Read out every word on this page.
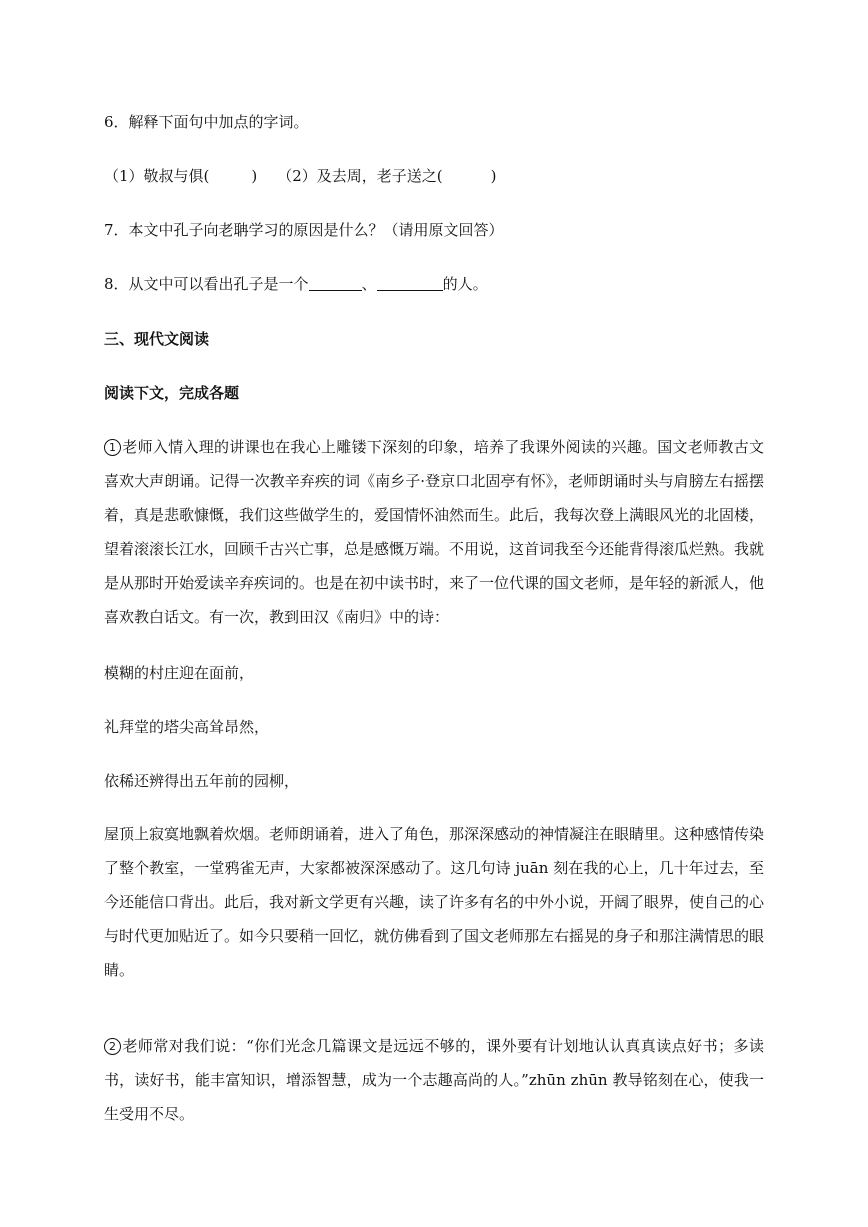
6．解释下面句中加点的字词。
（1）敬叔与俱(	) （2）及去周，老子送之(	)
7．本文中孔子向老聃学习的原因是什么？（请用原文回答）
8．从文中可以看出孔子是一个	、	的人。
三、现代文阅读
阅读下文，完成各题
1 老师入情入理的讲课也在我心上雕镂下深刻的印象，培养了我课外阅读的兴趣。国文老师教古文喜欢大声朗诵。记得一次教辛弃疾的词《南乡子·登京口北固亭有怀》，老师朗诵时头与肩膀左右摇摆着，真是悲歌慷慨，我们这些做学生的，爱国情怀油然而生。此后，我每次登上满眼风光的北固楼，望着滚滚长江水，回顾千古兴亡事，总是感慨万端。不用说，这首词我至今还能背得滚瓜烂熟。我就是从那时开始爱读辛弃疾词的。也是在初中读书时，来了一位代课的国文老师，是年轻的新派人，他喜欢教白话文。有一次，教到田汉《南归》中的诗：
模糊的村庄迎在面前，
礼拜堂的塔尖高耸昂然，
依稀还辨得出五年前的园柳，
屋顶上寂寞地飘着炊烟。老师朗诵着，进入了角色，那深深感动的神情凝注在眼睛里。这种感情传染了整个教室，一堂鸦雀无声，大家都被深深感动了。这几句诗 juān 刻在我的心上，几十年过去，至今还能信口背出。此后，我对新文学更有兴趣，读了许多有名的中外小说，开阔了眼界，使自己的心与时代更加贴近了。如今只要稍一回忆，就仿佛看到了国文老师那左右摇晃的身子和那注满情思的眼睛。
2 老师常对我们说：“你们光念几篇课文是远远不够的，课外要有计划地认认真真读点好书；多读书，读好书，能丰富知识，增添智慧，成为一个志趣高尚的人。”zhūn zhūn 教导铭刻在心，使我一生受用不尽。
